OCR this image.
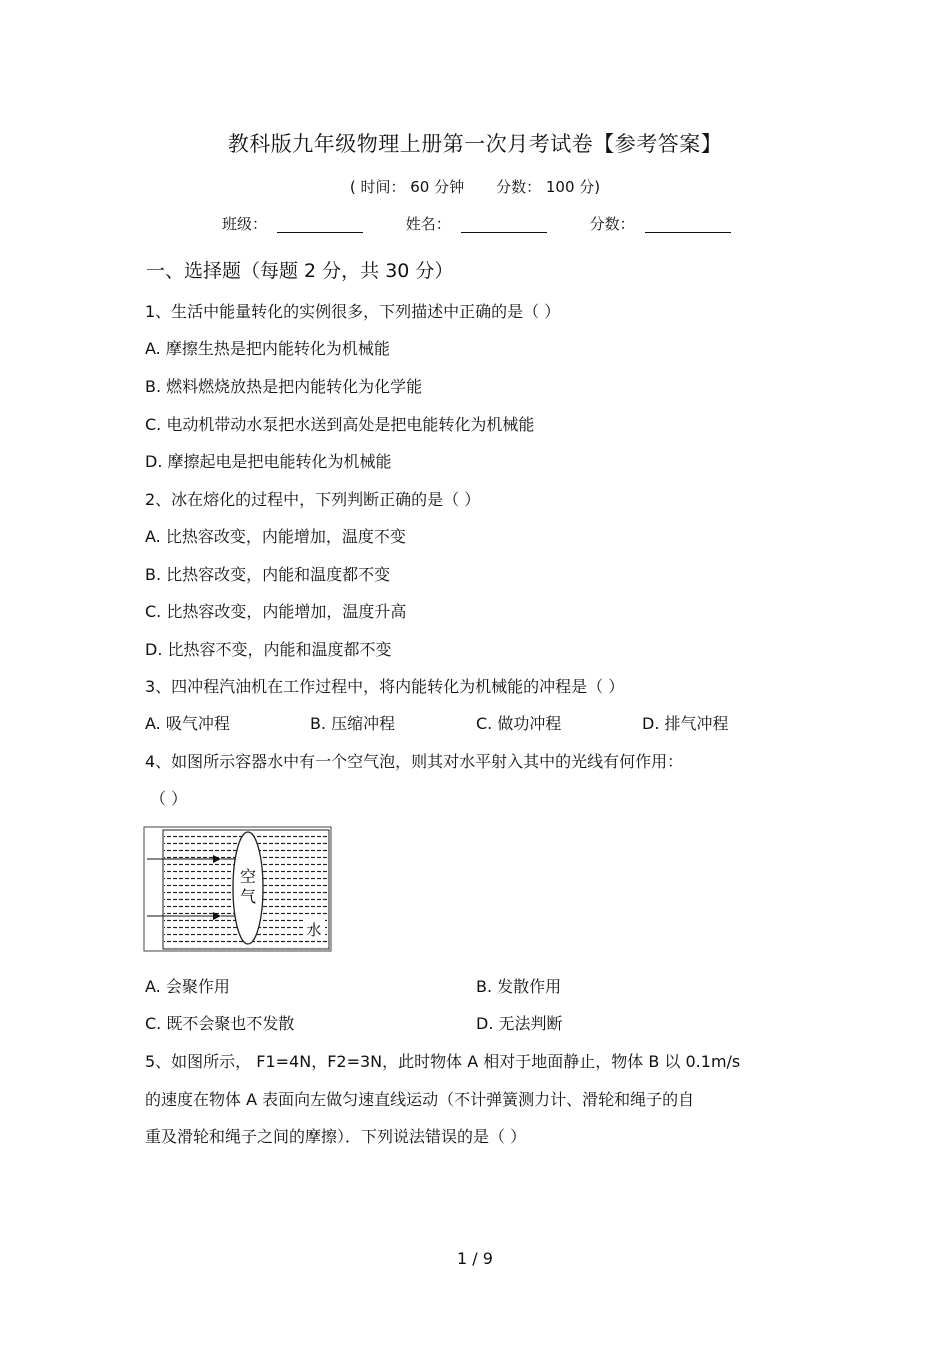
教科版九年级物理上册第一次月考试卷【参考答案】
( 时间： 60 分钟 分数： 100 分)
班级：	姓名：	分数：
一、选择题（每题 2 分，共 30 分）
1、生活中能量转化的实例很多，下列描述中正确的是（ ）
A. 摩擦生热是把内能转化为机械能
B. 燃料燃烧放热是把内能转化为化学能
C. 电动机带动水泵把水送到高处是把电能转化为机械能
D. 摩擦起电是把电能转化为机械能
2、冰在熔化的过程中，下列判断正确的是（ ）
A. 比热容改变，内能增加，温度不变
B. 比热容改变，内能和温度都不变
C. 比热容改变，内能增加，温度升高
D. 比热容不变，内能和温度都不变
3、四冲程汽油机在工作过程中，将内能转化为机械能的冲程是（ ）
A. 吸气冲程	B. 压缩冲程	C. 做功冲程	D. 排气冲程
4、如图所示容器水中有一个空气泡，则其对水平射入其中的光线有何作用：
（ ）
空
气
水
A. 会聚作用	B. 发散作用
C. 既不会聚也不发散	D. 无法判断
5、如图所示， F1=4N，F2=3N，此时物体 A 相对于地面静止，物体 B 以 0.1m/s
的速度在物体 A 表面向左做匀速直线运动（不计弹簧测力计、滑轮和绳子的自
重及滑轮和绳子之间的摩擦）．下列说法错误的是（ ）
1 / 9
